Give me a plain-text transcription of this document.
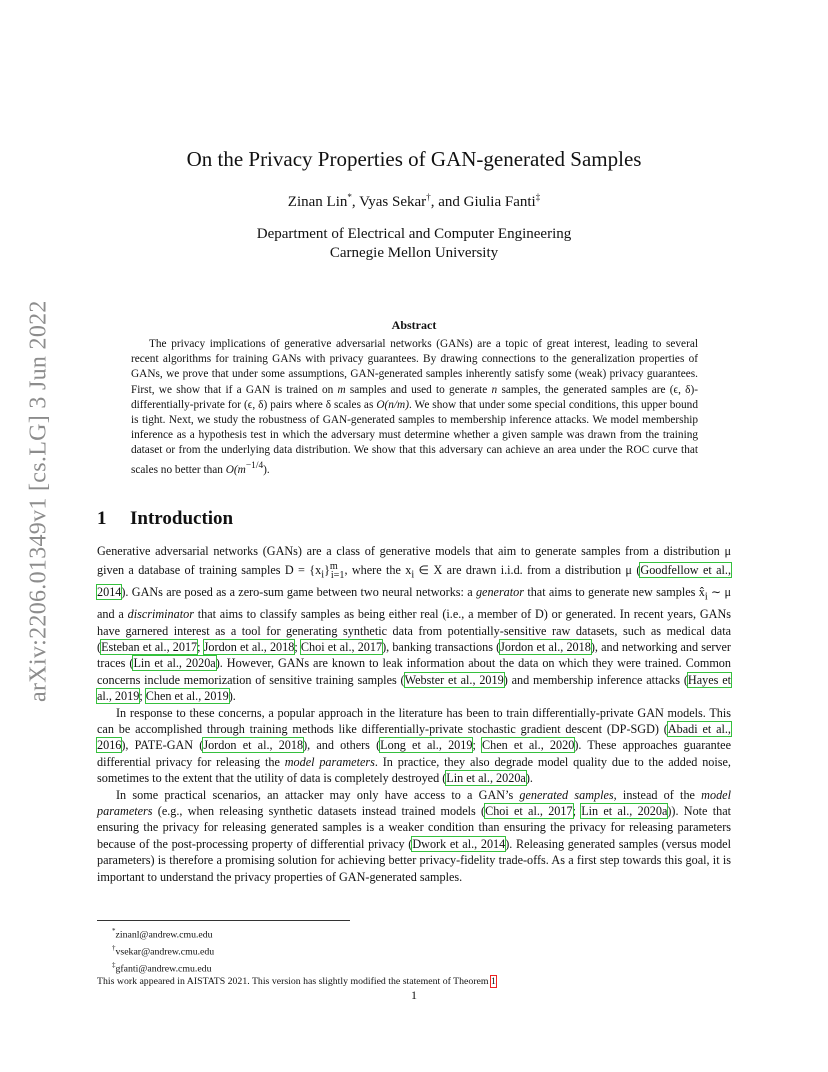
arXiv:2206.01349v1 [cs.LG] 3 Jun 2022
On the Privacy Properties of GAN-generated Samples
Zinan Lin*, Vyas Sekar†, and Giulia Fanti‡
Department of Electrical and Computer Engineering
Carnegie Mellon University
Abstract

The privacy implications of generative adversarial networks (GANs) are a topic of great interest, leading to several recent algorithms for training GANs with privacy guarantees. By drawing connections to the generalization properties of GANs, we prove that under some assumptions, GAN-generated samples inherently satisfy some (weak) privacy guarantees. First, we show that if a GAN is trained on m samples and used to generate n samples, the generated samples are (ϵ, δ)-differentially-private for (ϵ, δ) pairs where δ scales as O(n/m). We show that under some special conditions, this upper bound is tight. Next, we study the robustness of GAN-generated samples to membership inference attacks. We model membership inference as a hypothesis test in which the adversary must determine whether a given sample was drawn from the training dataset or from the underlying data distribution. We show that this adversary can achieve an area under the ROC curve that scales no better than $O(m^{-1/4})$.

1 Introduction

Generative adversarial networks (GANs) are a class of generative models that aim to generate samples from a distribution μ given a database of training samples $D = \{x_i\}^m_{i=1}$, where the $x_i$ ∈ X are drawn i.i.d. from a distribution μ (Goodfellow et al., 2014). GANs are posed as a zero-sum game between two neural networks: a generator that aims to generate new samples $x̂_i$ ∼ μ and a discriminator that aims to classify samples as being either real (i.e., a member of D) or generated. In recent years, GANs have garnered interest as a tool for generating synthetic data from potentially-sensitive raw datasets, such as medical data (Esteban et al., 2017; Jordon et al., 2018; Choi et al., 2017), banking transactions (Jordon et al., 2018), and networking and server traces (Lin et al., 2020a). However, GANs are known to leak information about the data on which they were trained. Common concerns include memorization of sensitive training samples (Webster et al., 2019) and membership inference attacks (Hayes et al., 2019; Chen et al., 2019).

In response to these concerns, a popular approach in the literature has been to train differentially-private GAN models. This can be accomplished through training methods like differentially-private stochastic gradient descent (DP-SGD) (Abadi et al., 2016), PATE-GAN (Jordon et al., 2018), and others (Long et al., 2019; Chen et al., 2020). These approaches guarantee differential privacy for releasing the model parameters. In practice, they also degrade model quality due to the added noise, sometimes to the extent that the utility of data is completely destroyed (Lin et al., 2020a).

In some practical scenarios, an attacker may only have access to a GAN’s generated samples, instead of the model parameters (e.g., when releasing synthetic datasets instead trained models (Choi et al., 2017; Lin et al., 2020a)). Note that ensuring the privacy for releasing generated samples is a weaker condition than ensuring the privacy for releasing parameters because of the post-processing property of differential privacy (Dwork et al., 2014). Releasing generated samples (versus model parameters) is therefore a promising solution for achieving better privacy-fidelity trade-offs. As a first step towards this goal, it is important to understand the privacy properties of GAN-generated samples.

*zinanl@andrew.cmu.edu
†vsekar@andrew.cmu.edu
‡gfanti@andrew.cmu.edu
This work appeared in AISTATS 2021. This version has slightly modified the statement of Theorem 1
1
